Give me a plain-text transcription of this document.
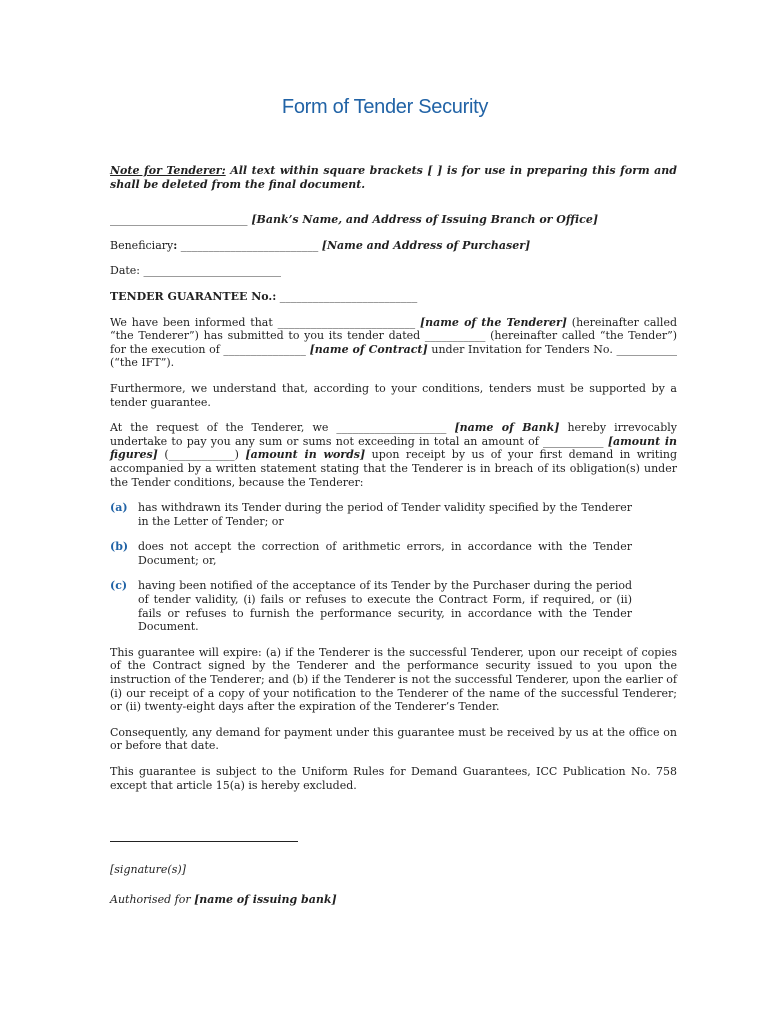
Form of Tender Security

Note for Tenderer: All text within square brackets [ ] is for use in preparing this form and shall be deleted from the final document.

_________________________ [Bank’s Name, and Address of Issuing Branch or Office]

Beneficiary: _________________________ [Name and Address of Purchaser]

Date: _________________________

TENDER GUARANTEE No.: _________________________

We have been informed that _________________________ [name of the Tenderer] (hereinafter called “the Tenderer”) has submitted to you its tender dated ___________ (hereinafter called “the Tender”) for the execution of _______________ [name of Contract] under Invitation for Tenders No. ___________ (“the IFT”).

Furthermore, we understand that, according to your conditions, tenders must be supported by a tender guarantee.

At the request of the Tenderer, we ____________________ [name of Bank] hereby irrevocably undertake to pay you any sum or sums not exceeding in total an amount of ___________ [amount in figures] (____________) [amount in words] upon receipt by us of your first demand in writing accompanied by a written statement stating that the Tenderer is in breach of its obligation(s) under the Tender conditions, because the Tenderer:

(a) has withdrawn its Tender during the period of Tender validity specified by the Tenderer in the Letter of Tender; or
(b) does not accept the correction of arithmetic errors, in accordance with the Tender Document; or,
(c) having been notified of the acceptance of its Tender by the Purchaser during the period of tender validity, (i) fails or refuses to execute the Contract Form, if required, or (ii) fails or refuses to furnish the performance security, in accordance with the Tender Document.

This guarantee will expire: (a) if the Tenderer is the successful Tenderer, upon our receipt of copies of the Contract signed by the Tenderer and the performance security issued to you upon the instruction of the Tenderer; and (b) if the Tenderer is not the successful Tenderer, upon the earlier of (i) our receipt of a copy of your notification to the Tenderer of the name of the successful Tenderer; or (ii) twenty-eight days after the expiration of the Tenderer’s Tender.

Consequently, any demand for payment under this guarantee must be received by us at the office on or before that date.

This guarantee is subject to the Uniform Rules for Demand Guarantees, ICC Publication No. 758 except that article 15(a) is hereby excluded.

[signature(s)]

Authorised for [name of issuing bank]
